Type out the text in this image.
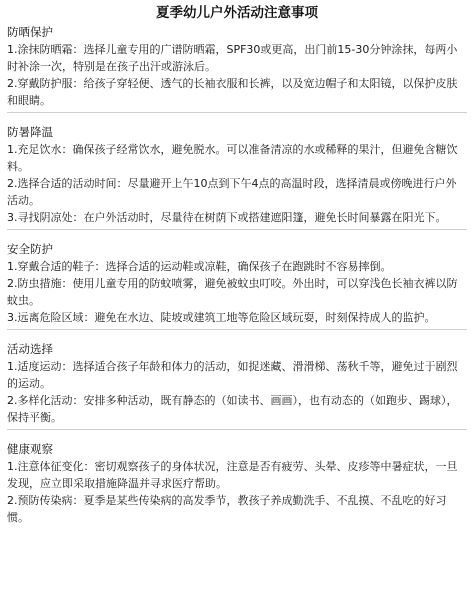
夏季幼儿户外活动注意事项
防晒保护
1.涂抹防晒霜：选择儿童专用的广谱防晒霜，SPF30或更高，出门前15-30分钟涂抹，每两小时补涂一次，特别是在孩子出汗或游泳后。
2.穿戴防护服：给孩子穿轻便、透气的长袖衣服和长裤，以及宽边帽子和太阳镜，以保护皮肤和眼睛。
防暑降温
1.充足饮水：确保孩子经常饮水，避免脱水。可以准备清凉的水或稀释的果汁，但避免含糖饮料。
2.选择合适的活动时间：尽量避开上午10点到下午4点的高温时段，选择清晨或傍晚进行户外活动。
3.寻找阴凉处：在户外活动时，尽量待在树荫下或搭建遮阳篷，避免长时间暴露在阳光下。
安全防护
1.穿戴合适的鞋子：选择合适的运动鞋或凉鞋，确保孩子在跑跳时不容易摔倒。
2.防虫措施：使用儿童专用的防蚊喷雾，避免被蚊虫叮咬。外出时，可以穿浅色长袖衣裤以防蚊虫。
3.远离危险区域：避免在水边、陡坡或建筑工地等危险区域玩耍，时刻保持成人的监护。
活动选择
1.适度运动：选择适合孩子年龄和体力的活动，如捉迷藏、滑滑梯、荡秋千等，避免过于剧烈的运动。
2.多样化活动：安排多种活动，既有静态的（如读书、画画），也有动态的（如跑步、踢球），保持平衡。
健康观察
1.注意体征变化：密切观察孩子的身体状况，注意是否有疲劳、头晕、皮疹等中暑症状，一旦发现，应立即采取措施降温并寻求医疗帮助。
2.预防传染病：夏季是某些传染病的高发季节，教孩子养成勤洗手、不乱摸、不乱吃的好习惯。
